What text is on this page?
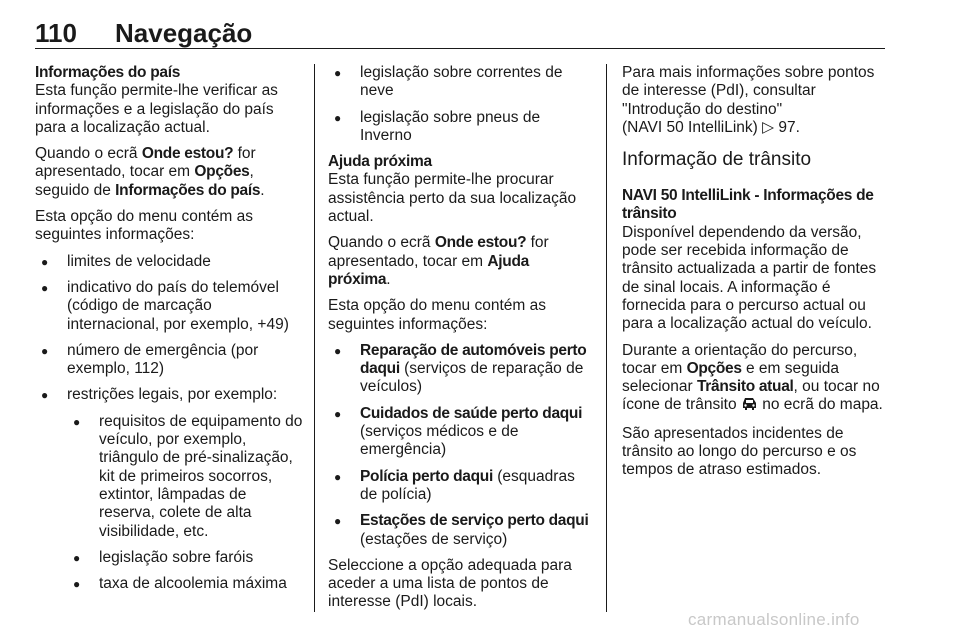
110 Navegação
Informações do país

Esta função permite-lhe verificar as informações e a legislação do país para a localização actual.

Quando o ecrã Onde estou? for apresentado, tocar em Opções, seguido de Informações do país.

Esta opção do menu contém as seguintes informações:

● limites de velocidade
● indicativo do país do telemóvel (código de marcação internacional, por exemplo, +49)
● número de emergência (por exemplo, 112)
● restrições legais, por exemplo:
● requisitos de equipamento do veículo, por exemplo, triângulo de pré-sinalização, kit de primeiros socorros, extintor, lâmpadas de reserva, colete de alta visibilidade, etc.
● legislação sobre faróis
● taxa de alcoolemia máxima
● legislação sobre correntes de neve
● legislação sobre pneus de Inverno
Ajuda próxima

Esta função permite-lhe procurar assistência perto da sua localização actual.

Quando o ecrã Onde estou? for apresentado, tocar em Ajuda próxima.

Esta opção do menu contém as seguintes informações:

● Reparação de automóveis perto daqui (serviços de reparação de veículos)
● Cuidados de saúde perto daqui (serviços médicos e de emergência)
● Polícia perto daqui (esquadras de polícia)
● Estações de serviço perto daqui (estações de serviço)

Seleccione a opção adequada para aceder a uma lista de pontos de interesse (PdI) locais.

Para mais informações sobre pontos de interesse (PdI), consultar
"Introdução do destino"
(NAVI 50 IntelliLink) ▷ 97.

Informação de trânsito
NAVI 50 IntelliLink - Informações de trânsito

Disponível dependendo da versão, pode ser recebida informação de trânsito actualizada a partir de fontes de sinal locais. A informação é fornecida para o percurso actual ou para a localização actual do veículo.

Durante a orientação do percurso, tocar em Opções e em seguida selecionar Trânsito atual, ou tocar no ícone de trânsito  no ecrã do mapa.

São apresentados incidentes de trânsito ao longo do percurso e os tempos de atraso estimados.

carmanualsonline.info
